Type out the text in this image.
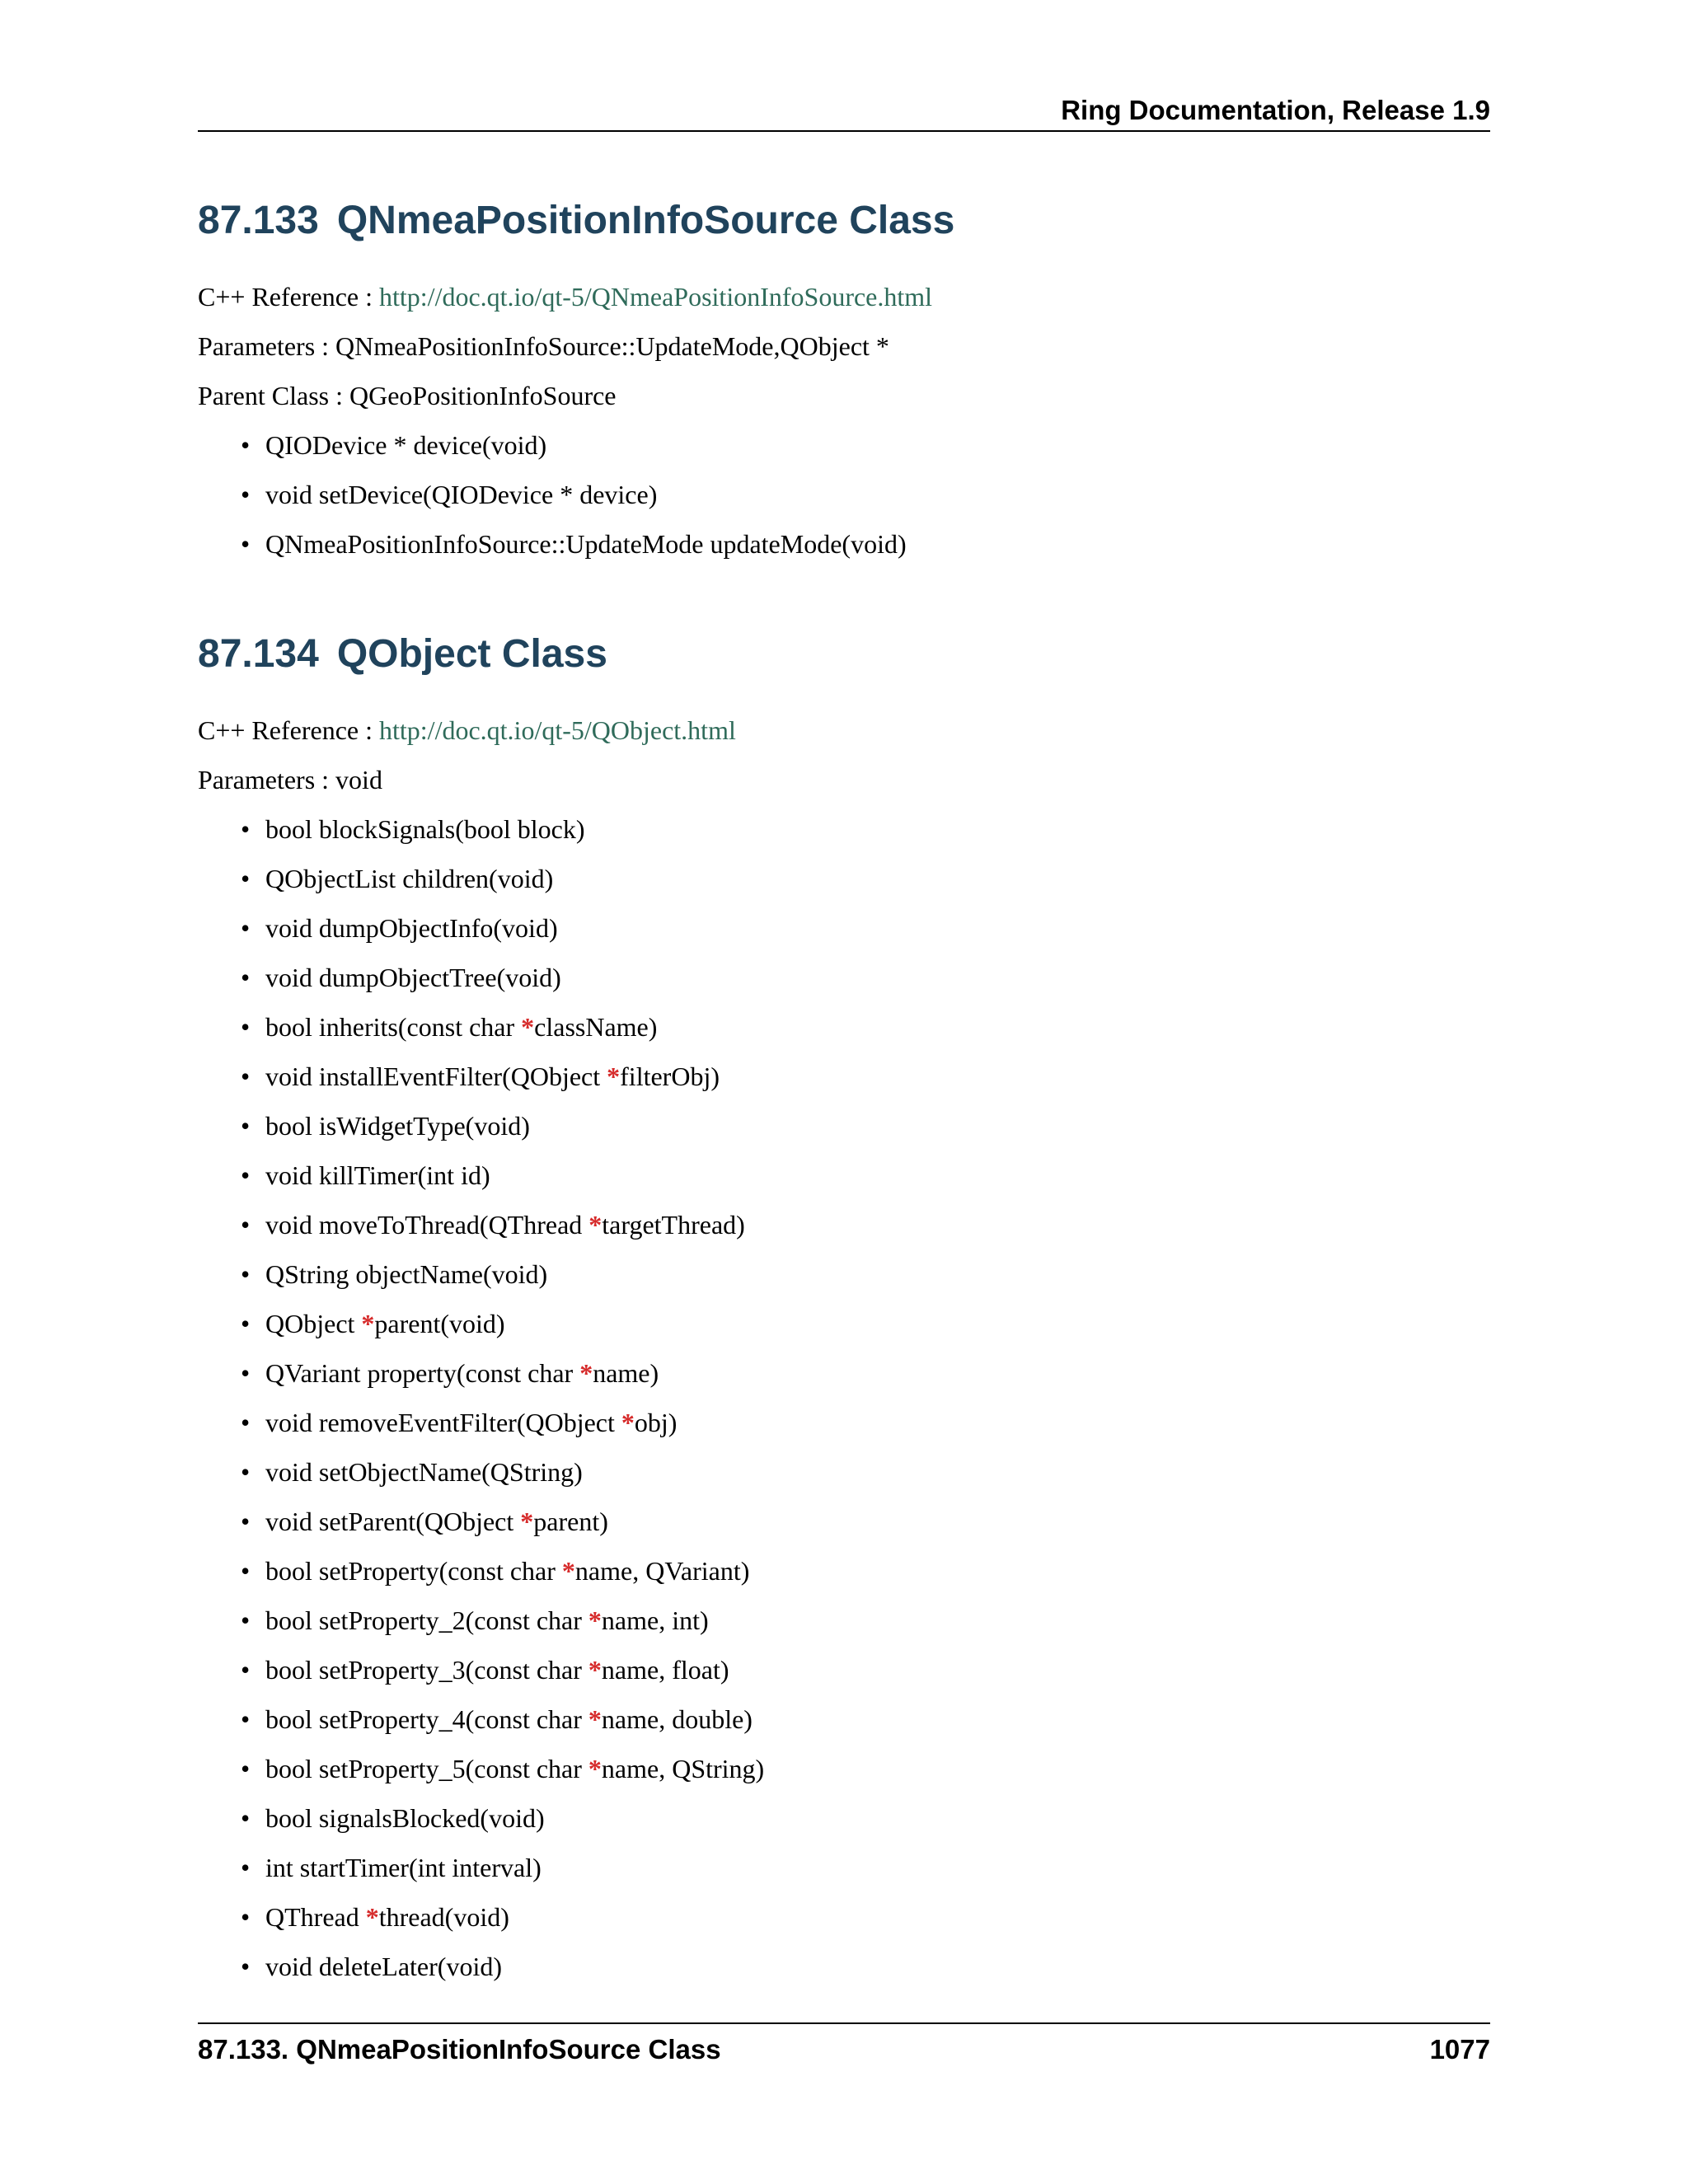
Ring Documentation, Release 1.9
87.133 QNmeaPositionInfoSource Class
C++ Reference : http://doc.qt.io/qt-5/QNmeaPositionInfoSource.html
Parameters : QNmeaPositionInfoSource::UpdateMode,QObject *
Parent Class : QGeoPositionInfoSource
• QIODevice * device(void)
• void setDevice(QIODevice * device)
• QNmeaPositionInfoSource::UpdateMode updateMode(void)
87.134 QObject Class
C++ Reference : http://doc.qt.io/qt-5/QObject.html
Parameters : void
• bool blockSignals(bool block)
• QObjectList children(void)
• void dumpObjectInfo(void)
• void dumpObjectTree(void)
• bool inherits(const char *className)
• void installEventFilter(QObject *filterObj)
• bool isWidgetType(void)
• void killTimer(int id)
• void moveToThread(QThread *targetThread)
• QString objectName(void)
• QObject *parent(void)
• QVariant property(const char *name)
• void removeEventFilter(QObject *obj)
• void setObjectName(QString)
• void setParent(QObject *parent)
• bool setProperty(const char *name, QVariant)
• bool setProperty_2(const char *name, int)
• bool setProperty_3(const char *name, float)
• bool setProperty_4(const char *name, double)
• bool setProperty_5(const char *name, QString)
• bool signalsBlocked(void)
• int startTimer(int interval)
• QThread *thread(void)
• void deleteLater(void)
87.133. QNmeaPositionInfoSource Class	1077
